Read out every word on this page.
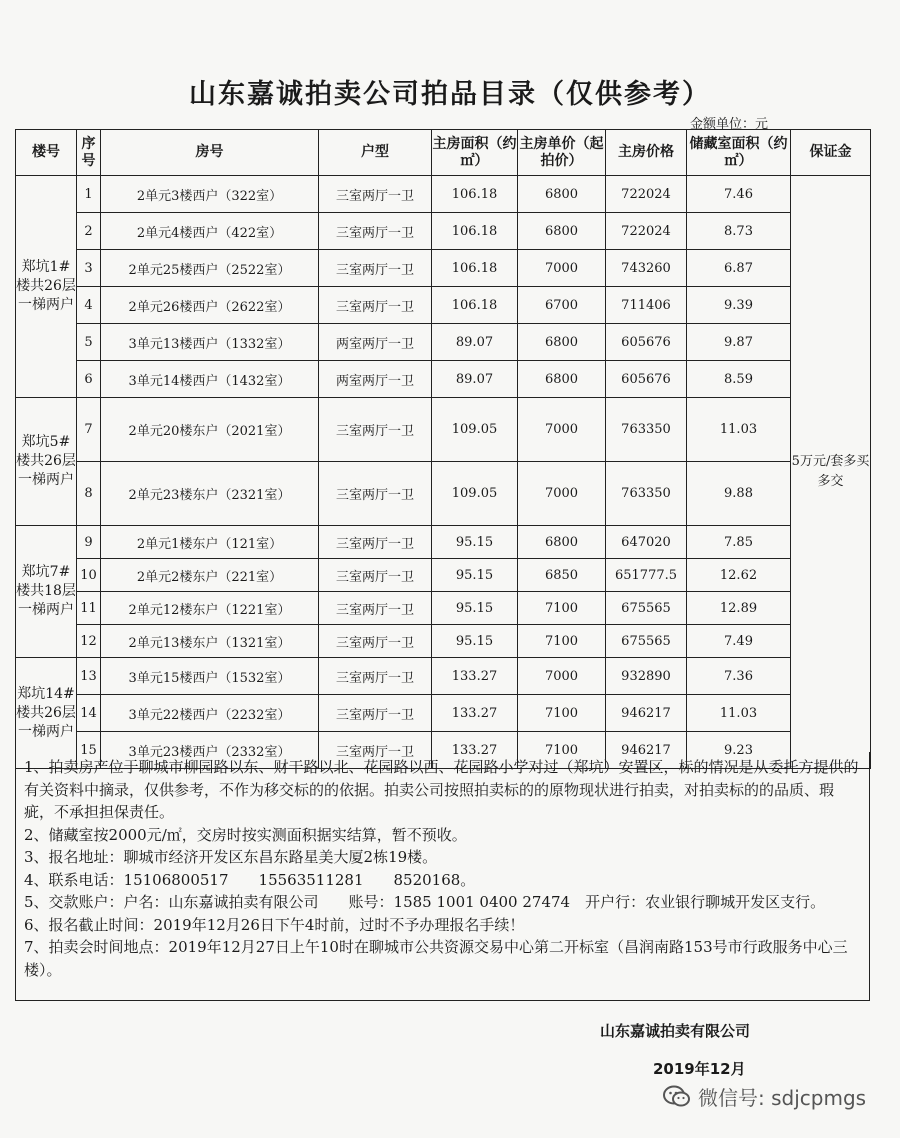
山东嘉诚拍卖公司拍品目录（仅供参考）
金额单位：元
楼号	序号	房号	户型	主房面积（约㎡）	主房单价（起拍价）	主房价格	储藏室面积（约㎡）	保证金
郑坑1#楼共26层一梯两户	1	2单元3楼西户（322室）	三室两厅一卫	106.18	6800	722024	7.46	5万元/套多买多交
	2	2单元4楼西户（422室）	三室两厅一卫	106.18	6800	722024	8.73	
	3	2单元25楼西户（2522室）	三室两厅一卫	106.18	7000	743260	6.87	
	4	2单元26楼西户（2622室）	三室两厅一卫	106.18	6700	711406	9.39	
	5	3单元13楼西户（1332室）	两室两厅一卫	89.07	6800	605676	9.87	
	6	3单元14楼西户（1432室）	两室两厅一卫	89.07	6800	605676	8.59	
郑坑5#楼共26层一梯两户	7	2单元20楼东户（2021室）	三室两厅一卫	109.05	7000	763350	11.03	
	8	2单元23楼东户（2321室）	三室两厅一卫	109.05	7000	763350	9.88	
郑坑7#楼共18层一梯两户	9	2单元1楼东户（121室）	三室两厅一卫	95.15	6800	647020	7.85	
	10	2单元2楼东户（221室）	三室两厅一卫	95.15	6850	651777.5	12.62	
	11	2单元12楼东户（1221室）	三室两厅一卫	95.15	7100	675565	12.89	
	12	2单元13楼东户（1321室）	三室两厅一卫	95.15	7100	675565	7.49	
郑坑14#楼共26层一梯两户	13	3单元15楼西户（1532室）	三室两厅一卫	133.27	7000	932890	7.36	
	14	3单元22楼西户（2232室）	三室两厅一卫	133.27	7100	946217	11.03	
	15	3单元23楼西户（2332室）	三室两厅一卫	133.27	7100	946217	9.23	
1、拍卖房产位于聊城市柳园路以东、财干路以北、花园路以西、花园路小学对过（郑坑）安置区，标的情况是从委托方提供的有关资料中摘录，仅供参考，不作为移交标的的依据。拍卖公司按照拍卖标的的原物现状进行拍卖，对拍卖标的的品质、瑕疵，不承担担保责任。
2、储藏室按2000元/㎡，交房时按实测面积据实结算，暂不预收。
3、报名地址：聊城市经济开发区东昌东路星美大厦2栋19楼。
4、联系电话：15106800517　　15563511281　　8520168。
5、交款账户：户名：山东嘉诚拍卖有限公司　　账号：1585 1001 0400 27474　开户行：农业银行聊城开发区支行。
6、报名截止时间：2019年12月26日下午4时前，过时不予办理报名手续！
7、拍卖会时间地点：2019年12月27日上午10时在聊城市公共资源交易中心第二开标室（昌润南路153号市行政服务中心三楼）。
山东嘉诚拍卖有限公司
2019年12月
微信号: sdjcpmgs
